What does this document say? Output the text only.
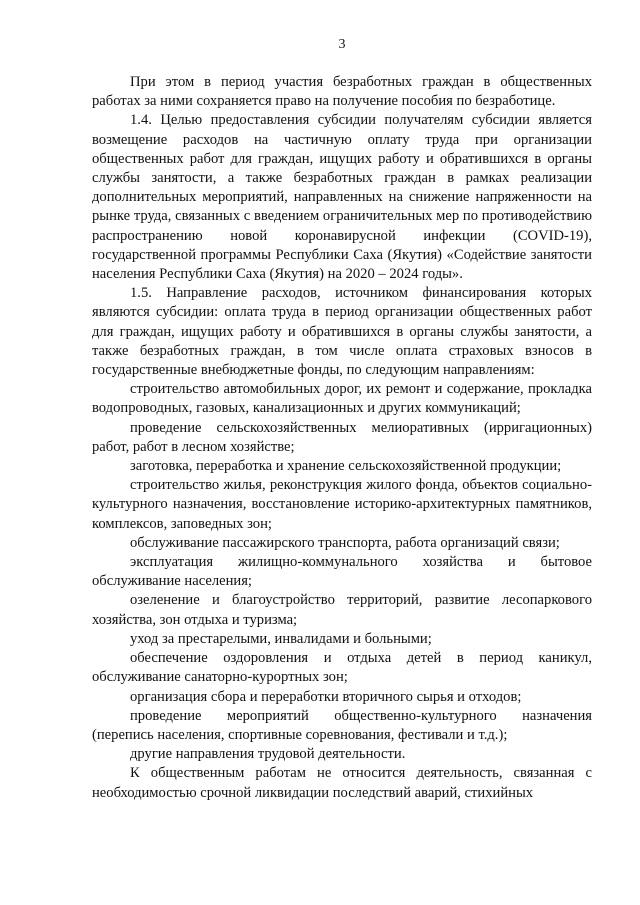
3

При этом в период участия безработных граждан в общественных работах за ними сохраняется право на получение пособия по безработице.

1.4. Целью предоставления субсидии получателям субсидии является возмещение расходов на частичную оплату труда при организации общественных работ для граждан, ищущих работу и обратившихся в органы службы занятости, а также безработных граждан в рамках реализации дополнительных мероприятий, направленных на снижение напряженности на рынке труда, связанных с введением ограничительных мер по противодействию распространению новой коронавирусной инфекции (COVID-19), государственной программы Республики Саха (Якутия) «Содействие занятости населения Республики Саха (Якутия) на 2020 – 2024 годы».

1.5. Направление расходов, источником финансирования которых являются субсидии: оплата труда в период организации общественных работ для граждан, ищущих работу и обратившихся в органы службы занятости, а также безработных граждан, в том числе оплата страховых взносов в государственные внебюджетные фонды, по следующим направлениям:

строительство автомобильных дорог, их ремонт и содержание, прокладка водопроводных, газовых, канализационных и других коммуникаций;

проведение сельскохозяйственных мелиоративных (ирригационных) работ, работ в лесном хозяйстве;

заготовка, переработка и хранение сельскохозяйственной продукции;

строительство жилья, реконструкция жилого фонда, объектов социально-культурного назначения, восстановление историко-архитектурных памятников, комплексов, заповедных зон;

обслуживание пассажирского транспорта, работа организаций связи;

эксплуатация жилищно-коммунального хозяйства и бытовое обслуживание населения;

озеленение и благоустройство территорий, развитие лесопаркового хозяйства, зон отдыха и туризма;

уход за престарелыми, инвалидами и больными;

обеспечение оздоровления и отдыха детей в период каникул, обслуживание санаторно-курортных зон;

организация сбора и переработки вторичного сырья и отходов;

проведение мероприятий общественно-культурного назначения (перепись населения, спортивные соревнования, фестивали и т.д.);

другие направления трудовой деятельности.

К общественным работам не относится деятельность, связанная с необходимостью срочной ликвидации последствий аварий, стихийных
